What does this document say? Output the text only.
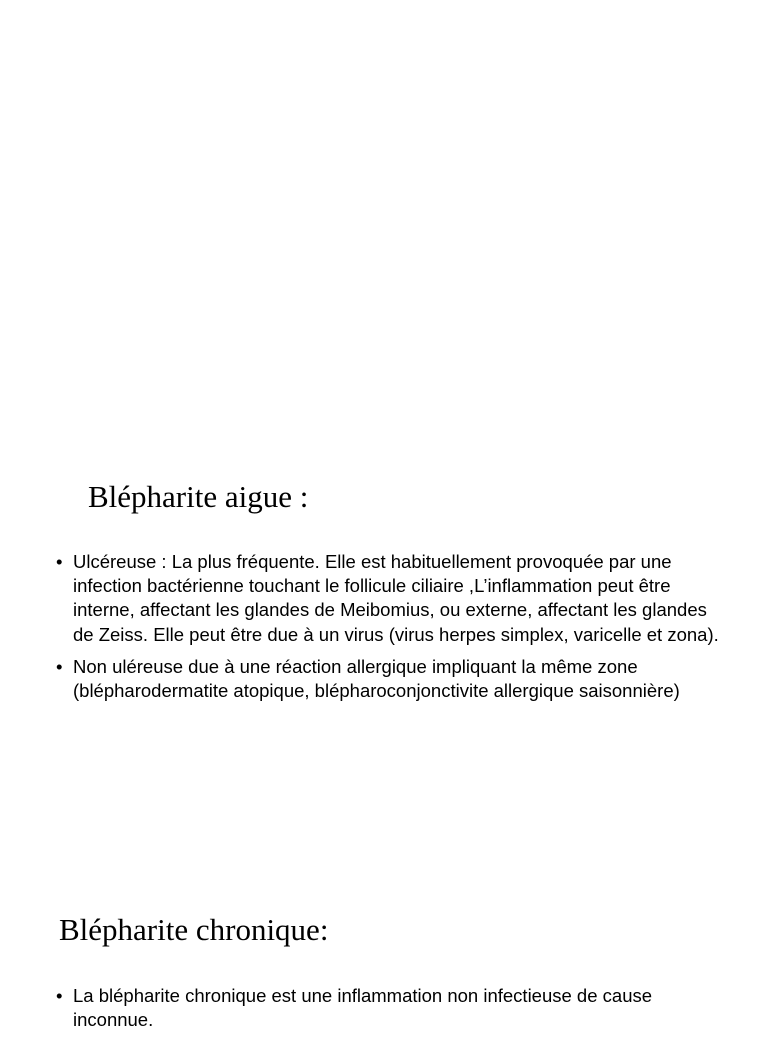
Blépharite aigue :
• Ulcéreuse : La plus fréquente. Elle est habituellement provoquée par une infection bactérienne touchant le follicule ciliaire ,L’inflammation peut être interne, affectant les glandes de Meibomius, ou externe, affectant les glandes de Zeiss. Elle peut être due à un virus (virus herpes simplex, varicelle et zona).
• Non uléreuse due à une réaction allergique impliquant la même zone (blépharodermatite atopique, blépharoconjonctivite allergique saisonnière)
Blépharite chronique:
• La blépharite chronique est une inflammation non infectieuse de cause inconnue.
